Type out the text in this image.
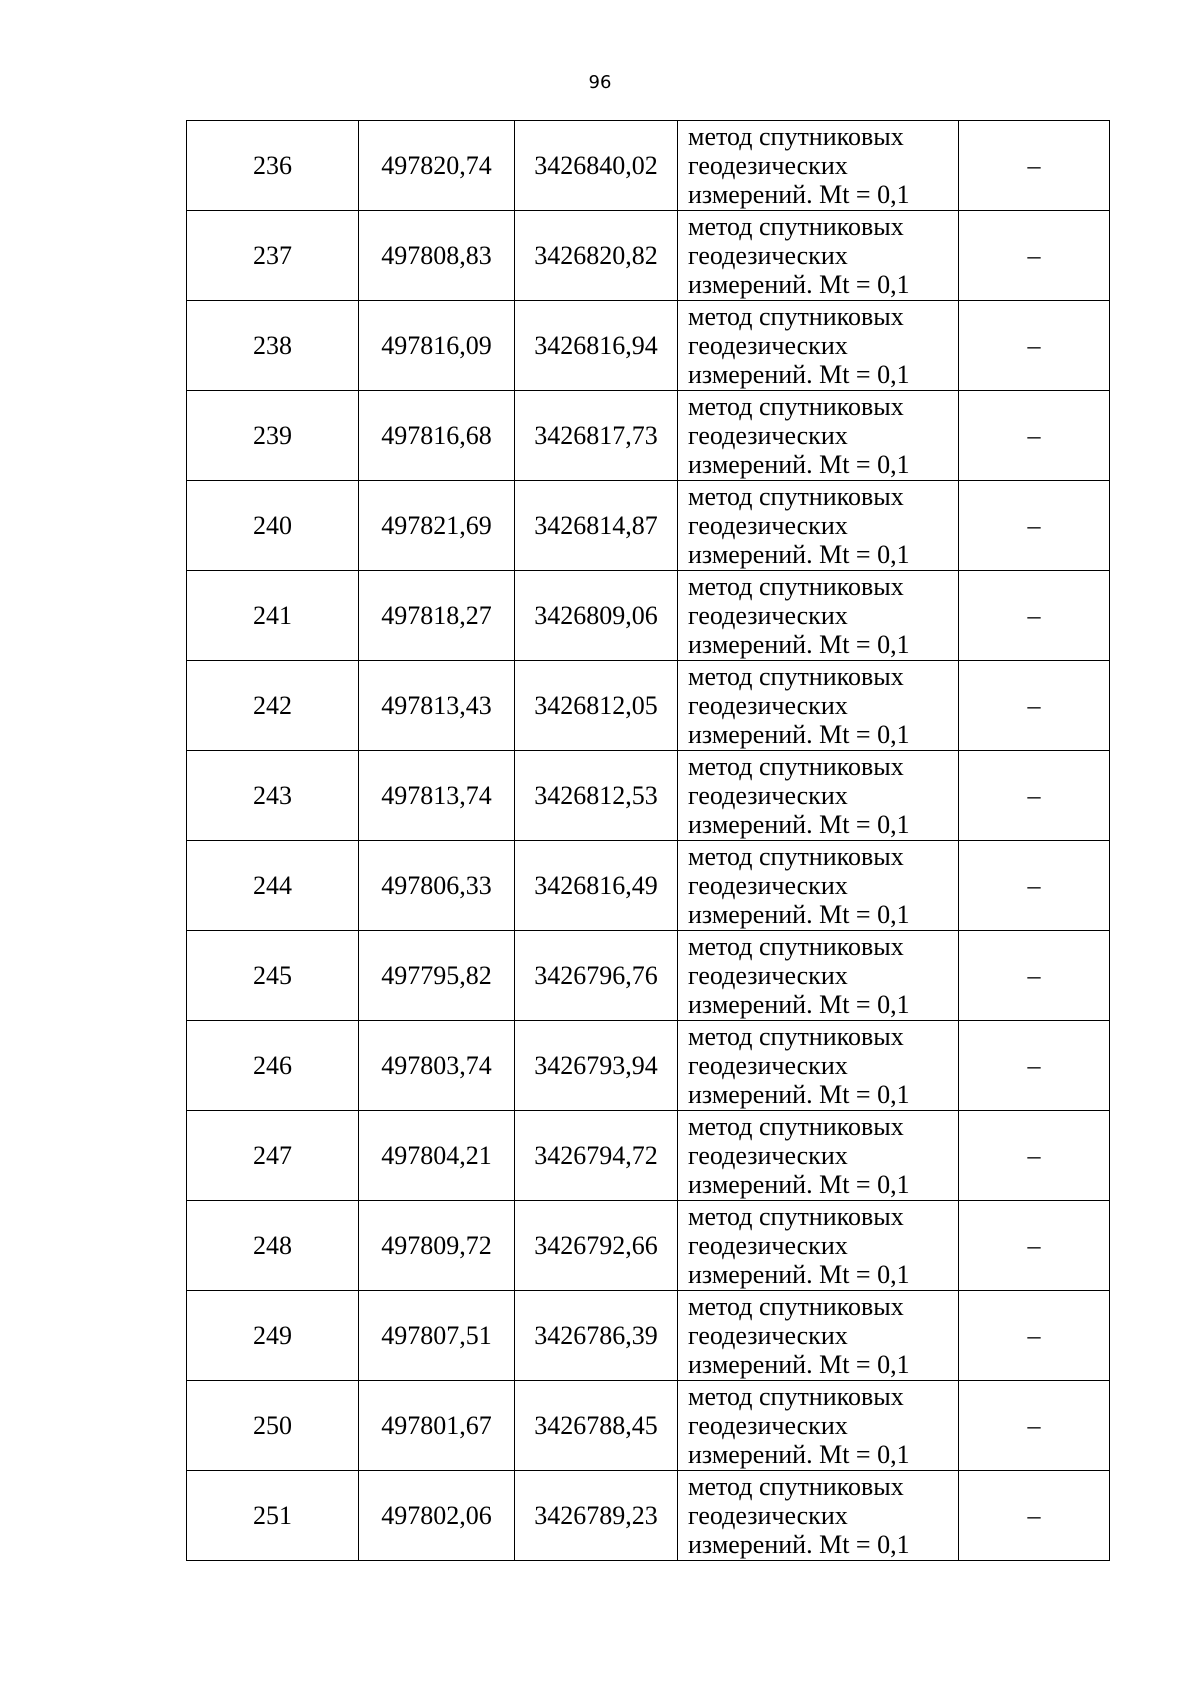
96
236	497820,74	3426840,02	метод спутниковых
геодезических
измерений. Mt = 0,1	–
237	497808,83	3426820,82	метод спутниковых
геодезических
измерений. Mt = 0,1	–
238	497816,09	3426816,94	метод спутниковых
геодезических
измерений. Mt = 0,1	–
239	497816,68	3426817,73	метод спутниковых
геодезических
измерений. Mt = 0,1	–
240	497821,69	3426814,87	метод спутниковых
геодезических
измерений. Mt = 0,1	–
241	497818,27	3426809,06	метод спутниковых
геодезических
измерений. Mt = 0,1	–
242	497813,43	3426812,05	метод спутниковых
геодезических
измерений. Mt = 0,1	–
243	497813,74	3426812,53	метод спутниковых
геодезических
измерений. Mt = 0,1	–
244	497806,33	3426816,49	метод спутниковых
геодезических
измерений. Mt = 0,1	–
245	497795,82	3426796,76	метод спутниковых
геодезических
измерений. Mt = 0,1	–
246	497803,74	3426793,94	метод спутниковых
геодезических
измерений. Mt = 0,1	–
247	497804,21	3426794,72	метод спутниковых
геодезических
измерений. Mt = 0,1	–
248	497809,72	3426792,66	метод спутниковых
геодезических
измерений. Mt = 0,1	–
249	497807,51	3426786,39	метод спутниковых
геодезических
измерений. Mt = 0,1	–
250	497801,67	3426788,45	метод спутниковых
геодезических
измерений. Mt = 0,1	–
251	497802,06	3426789,23	метод спутниковых
геодезических
измерений. Mt = 0,1	–
